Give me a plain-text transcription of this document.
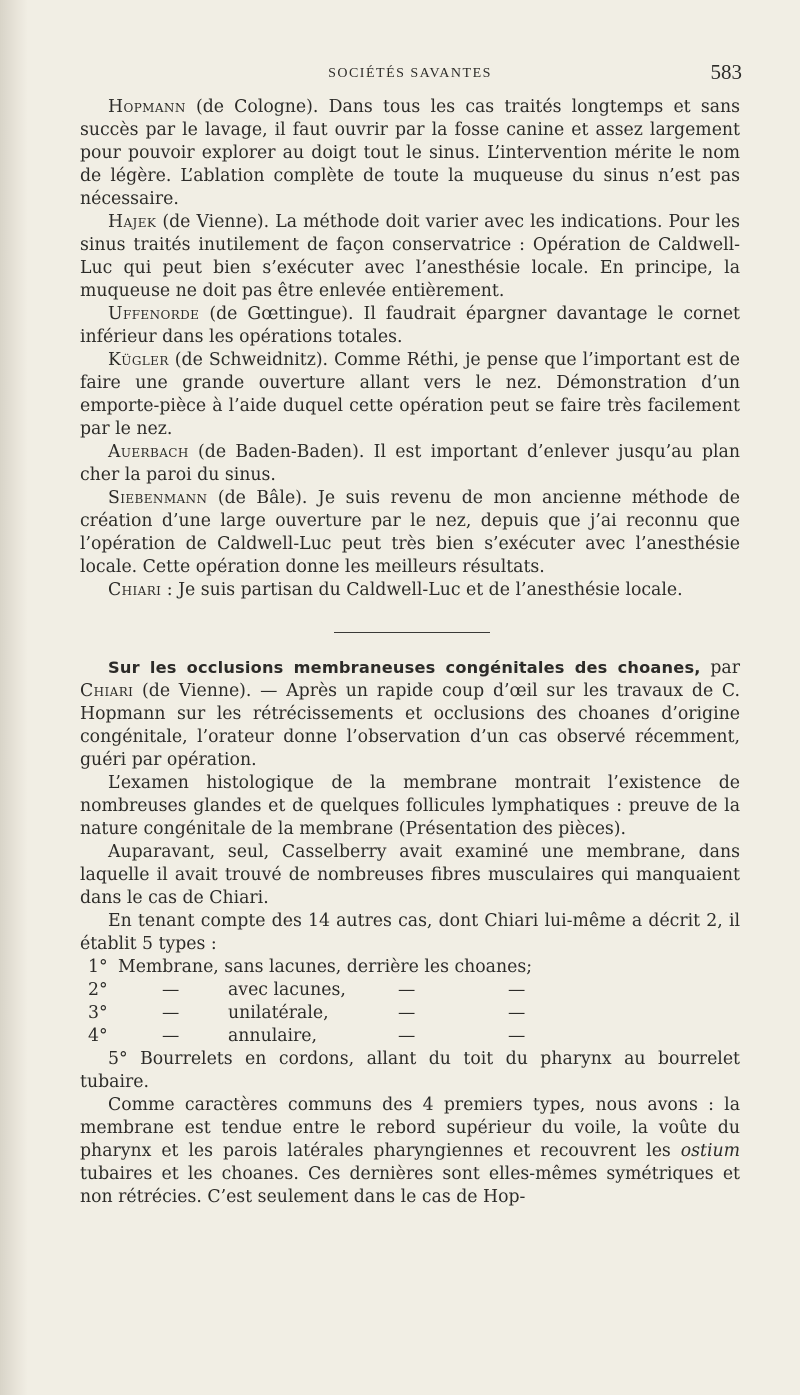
SOCIÉTÉS SAVANTES	583

Hopmann (de Cologne). Dans tous les cas traités longtemps et sans succès par le lavage, il faut ouvrir par la fosse canine et assez largement pour pouvoir explorer au doigt tout le sinus. L’intervention mérite le nom de légère. L’ablation complète de toute la muqueuse du sinus n’est pas nécessaire.

Hajek (de Vienne). La méthode doit varier avec les indications. Pour les sinus traités inutilement de façon conservatrice : Opération de Caldwell-Luc qui peut bien s’exécuter avec l’anesthésie locale. En principe, la muqueuse ne doit pas être enlevée entièrement.

Uffenorde (de Gœttingue). Il faudrait épargner davantage le cornet inférieur dans les opérations totales.

Kügler (de Schweidnitz). Comme Réthi, je pense que l’important est de faire une grande ouverture allant vers le nez. Démonstration d’un emporte-pièce à l’aide duquel cette opération peut se faire très facilement par le nez.

Auerbach (de Baden-Baden). Il est important d’enlever jusqu’au plan cher la paroi du sinus.

Siebenmann (de Bâle). Je suis revenu de mon ancienne méthode de création d’une large ouverture par le nez, depuis que j’ai reconnu que l’opération de Caldwell-Luc peut très bien s’exécuter avec l’anesthésie locale. Cette opération donne les meilleurs résultats.

Chiari : Je suis partisan du Caldwell-Luc et de l’anesthésie locale.

Sur les occlusions membraneuses congénitales des choanes, par Chiari (de Vienne). — Après un rapide coup d’œil sur les travaux de C. Hopmann sur les rétrécissements et occlusions des choanes d’origine congénitale, l’orateur donne l’observation d’un cas observé récemment, guéri par opération.

L’examen histologique de la membrane montrait l’existence de nombreuses glandes et de quelques follicules lymphatiques : preuve de la nature congénitale de la membrane (Présentation des pièces).

Auparavant, seul, Casselberry avait examiné une membrane, dans laquelle il avait trouvé de nombreuses fibres musculaires qui manquaient dans le cas de Chiari.

En tenant compte des 14 autres cas, dont Chiari lui-même a décrit 2, il établit 5 types :

1° Membrane, sans lacunes, derrière les choanes;
2°	—	avec lacunes,	—	—
3°	—	unilatérale,	—	—
4°	—	annulaire,	—	—

5° Bourrelets en cordons, allant du toit du pharynx au bourrelet tubaire.

Comme caractères communs des 4 premiers types, nous avons : la membrane est tendue entre le rebord supérieur du voile, la voûte du pharynx et les parois latérales pharyngiennes et recouvrent les ostium tubaires et les choanes. Ces dernières sont elles-mêmes symétriques et non rétrécies. C’est seulement dans le cas de Hop-
